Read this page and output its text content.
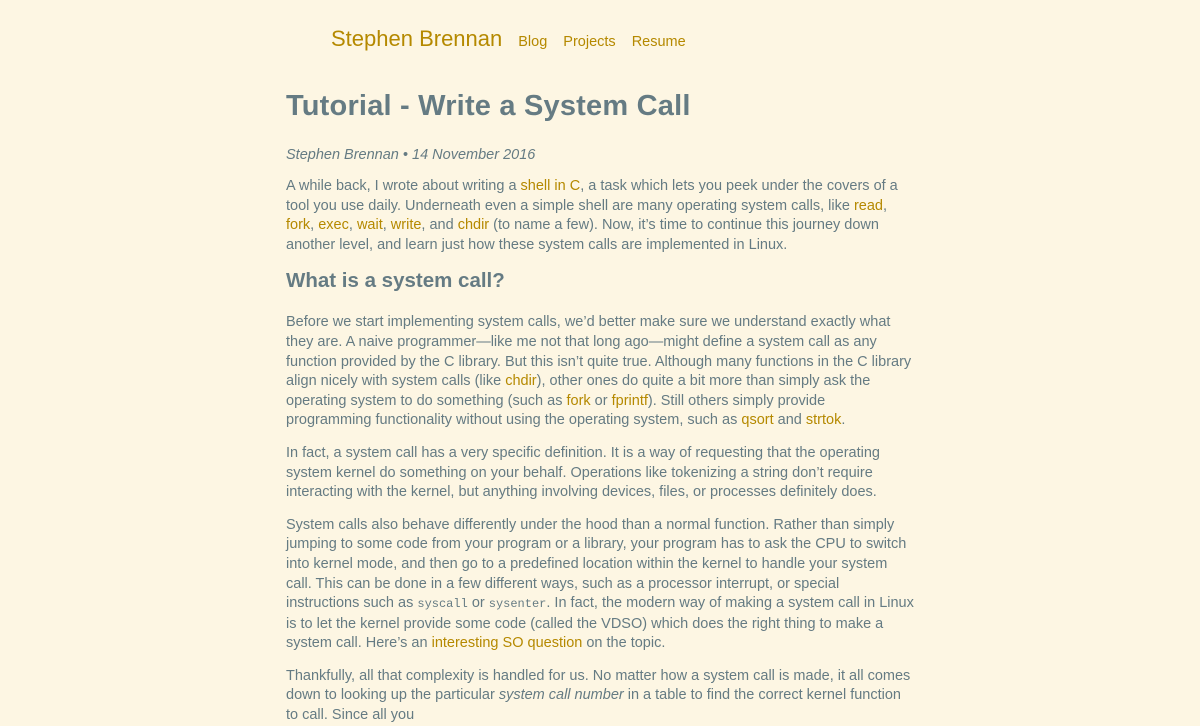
Stephen Brennan Blog Projects Resume
Tutorial - Write a System Call
Stephen Brennan • 14 November 2016

A while back, I wrote about writing a shell in C, a task which lets you peek under the covers of a tool you use daily. Underneath even a simple shell are many operating system calls, like read, fork, exec, wait, write, and chdir (to name a few). Now, it’s time to continue this journey down another level, and learn just how these system calls are implemented in Linux.

What is a system call?

Before we start implementing system calls, we’d better make sure we understand exactly what they are. A naive programmer—like me not that long ago—might define a system call as any function provided by the C library. But this isn’t quite true. Although many functions in the C library align nicely with system calls (like chdir), other ones do quite a bit more than simply ask the operating system to do something (such as fork or fprintf). Still others simply provide programming functionality without using the operating system, such as qsort and strtok.

In fact, a system call has a very specific definition. It is a way of requesting that the operating system kernel do something on your behalf. Operations like tokenizing a string don’t require interacting with the kernel, but anything involving devices, files, or processes definitely does.

System calls also behave differently under the hood than a normal function. Rather than simply jumping to some code from your program or a library, your program has to ask the CPU to switch into kernel mode, and then go to a predefined location within the kernel to handle your system call. This can be done in a few different ways, such as a processor interrupt, or special instructions such as syscall or sysenter. In fact, the modern way of making a system call in Linux is to let the kernel provide some code (called the VDSO) which does the right thing to make a system call. Here’s an interesting SO question on the topic.

Thankfully, all that complexity is handled for us. No matter how a system call is made, it all comes down to looking up the particular system call number in a table to find the correct kernel function to call. Since all you
